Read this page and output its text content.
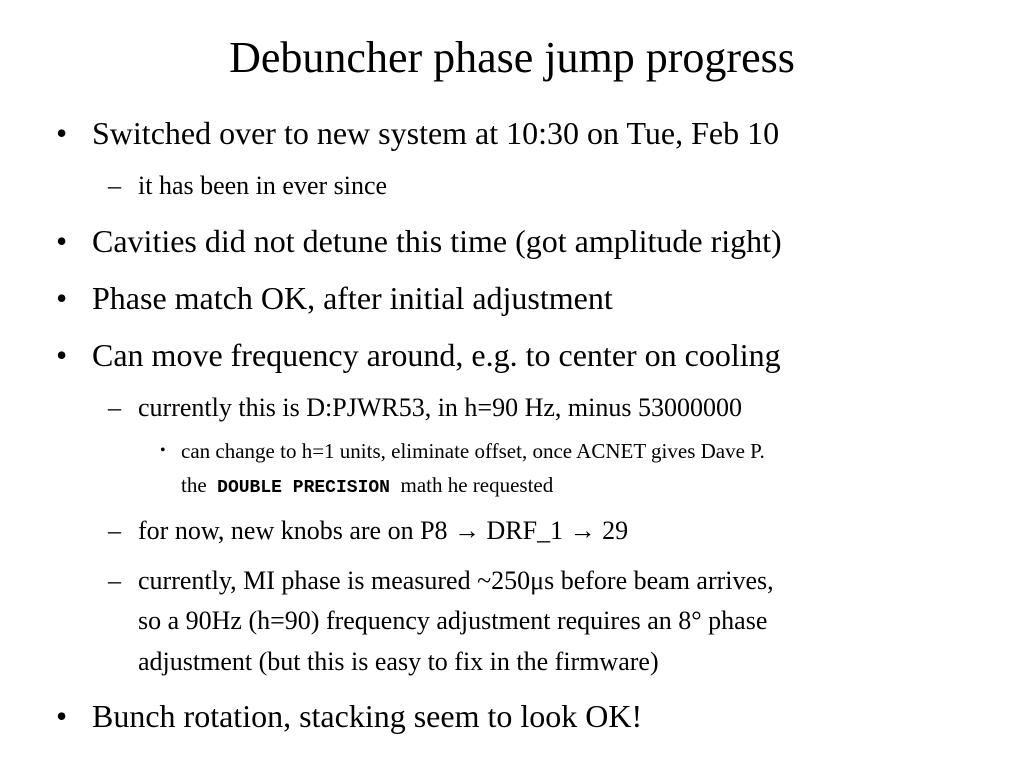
Debuncher phase jump progress
• Switched over to new system at 10:30 on Tue, Feb 10
– it has been in ever since
• Cavities did not detune this time (got amplitude right)
• Phase match OK, after initial adjustment
• Can move frequency around, e.g. to center on cooling
– currently this is D:PJWR53, in h=90 Hz, minus 53000000
• can change to h=1 units, eliminate offset, once ACNET gives Dave P.
the DOUBLE PRECISION math he requested
– for now, new knobs are on P8 → DRF_1 → 29
– currently, MI phase is measured ~250μs before beam arrives,
so a 90Hz (h=90) frequency adjustment requires an 8° phase
adjustment (but this is easy to fix in the firmware)
• Bunch rotation, stacking seem to look OK!
